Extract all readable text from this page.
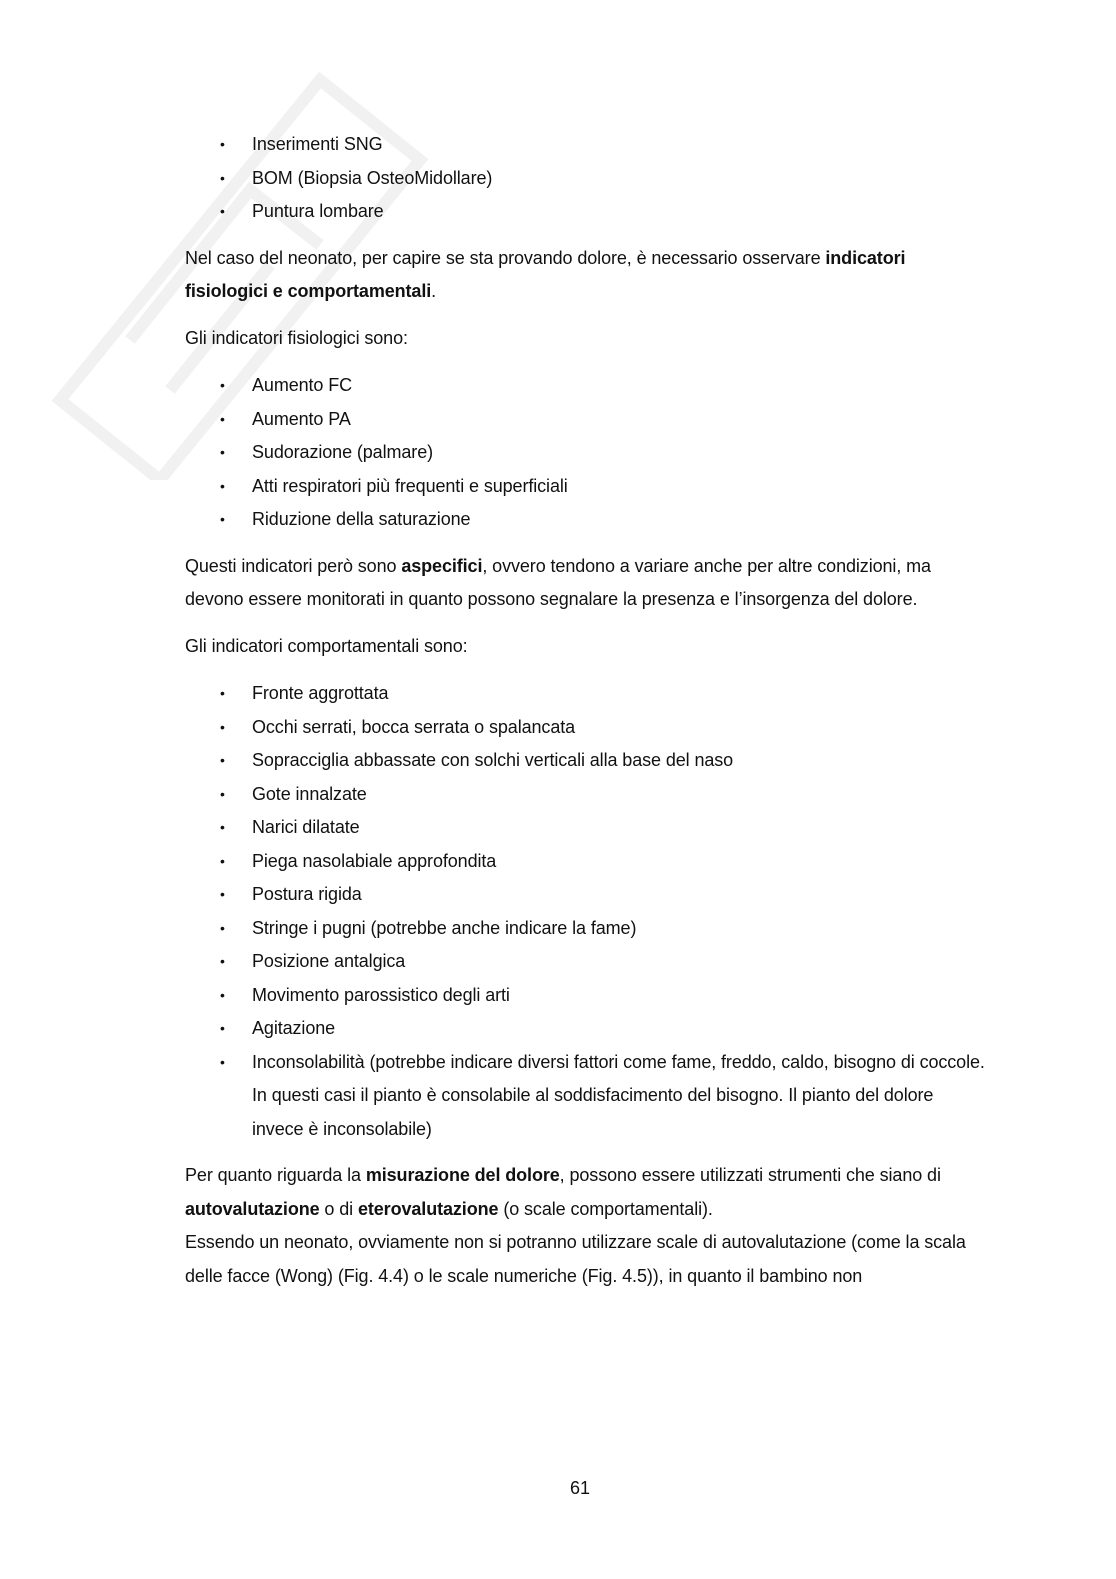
• Inserimenti SNG
• BOM (Biopsia OsteoMidollare)
• Puntura lombare

Nel caso del neonato, per capire se sta provando dolore, è necessario osservare indicatori fisiologici e comportamentali.

Gli indicatori fisiologici sono:

• Aumento FC
• Aumento PA
• Sudorazione (palmare)
• Atti respiratori più frequenti e superficiali
• Riduzione della saturazione

Questi indicatori però sono aspecifici, ovvero tendono a variare anche per altre condizioni, ma devono essere monitorati in quanto possono segnalare la presenza e l’insorgenza del dolore.

Gli indicatori comportamentali sono:

• Fronte aggrottata
• Occhi serrati, bocca serrata o spalancata
• Sopracciglia abbassate con solchi verticali alla base del naso
• Gote innalzate
• Narici dilatate
• Piega nasolabiale approfondita
• Postura rigida
• Stringe i pugni (potrebbe anche indicare la fame)
• Posizione antalgica
• Movimento parossistico degli arti
• Agitazione
• Inconsolabilità (potrebbe indicare diversi fattori come fame, freddo, caldo, bisogno di coccole. In questi casi il pianto è consolabile al soddisfacimento del bisogno. Il pianto del dolore invece è inconsolabile)

Per quanto riguarda la misurazione del dolore, possono essere utilizzati strumenti che siano di autovalutazione o di eterovalutazione (o scale comportamentali).

Essendo un neonato, ovviamente non si potranno utilizzare scale di autovalutazione (come la scala delle facce (Wong) (Fig. 4.4) o le scale numeriche (Fig. 4.5)), in quanto il bambino non

61
